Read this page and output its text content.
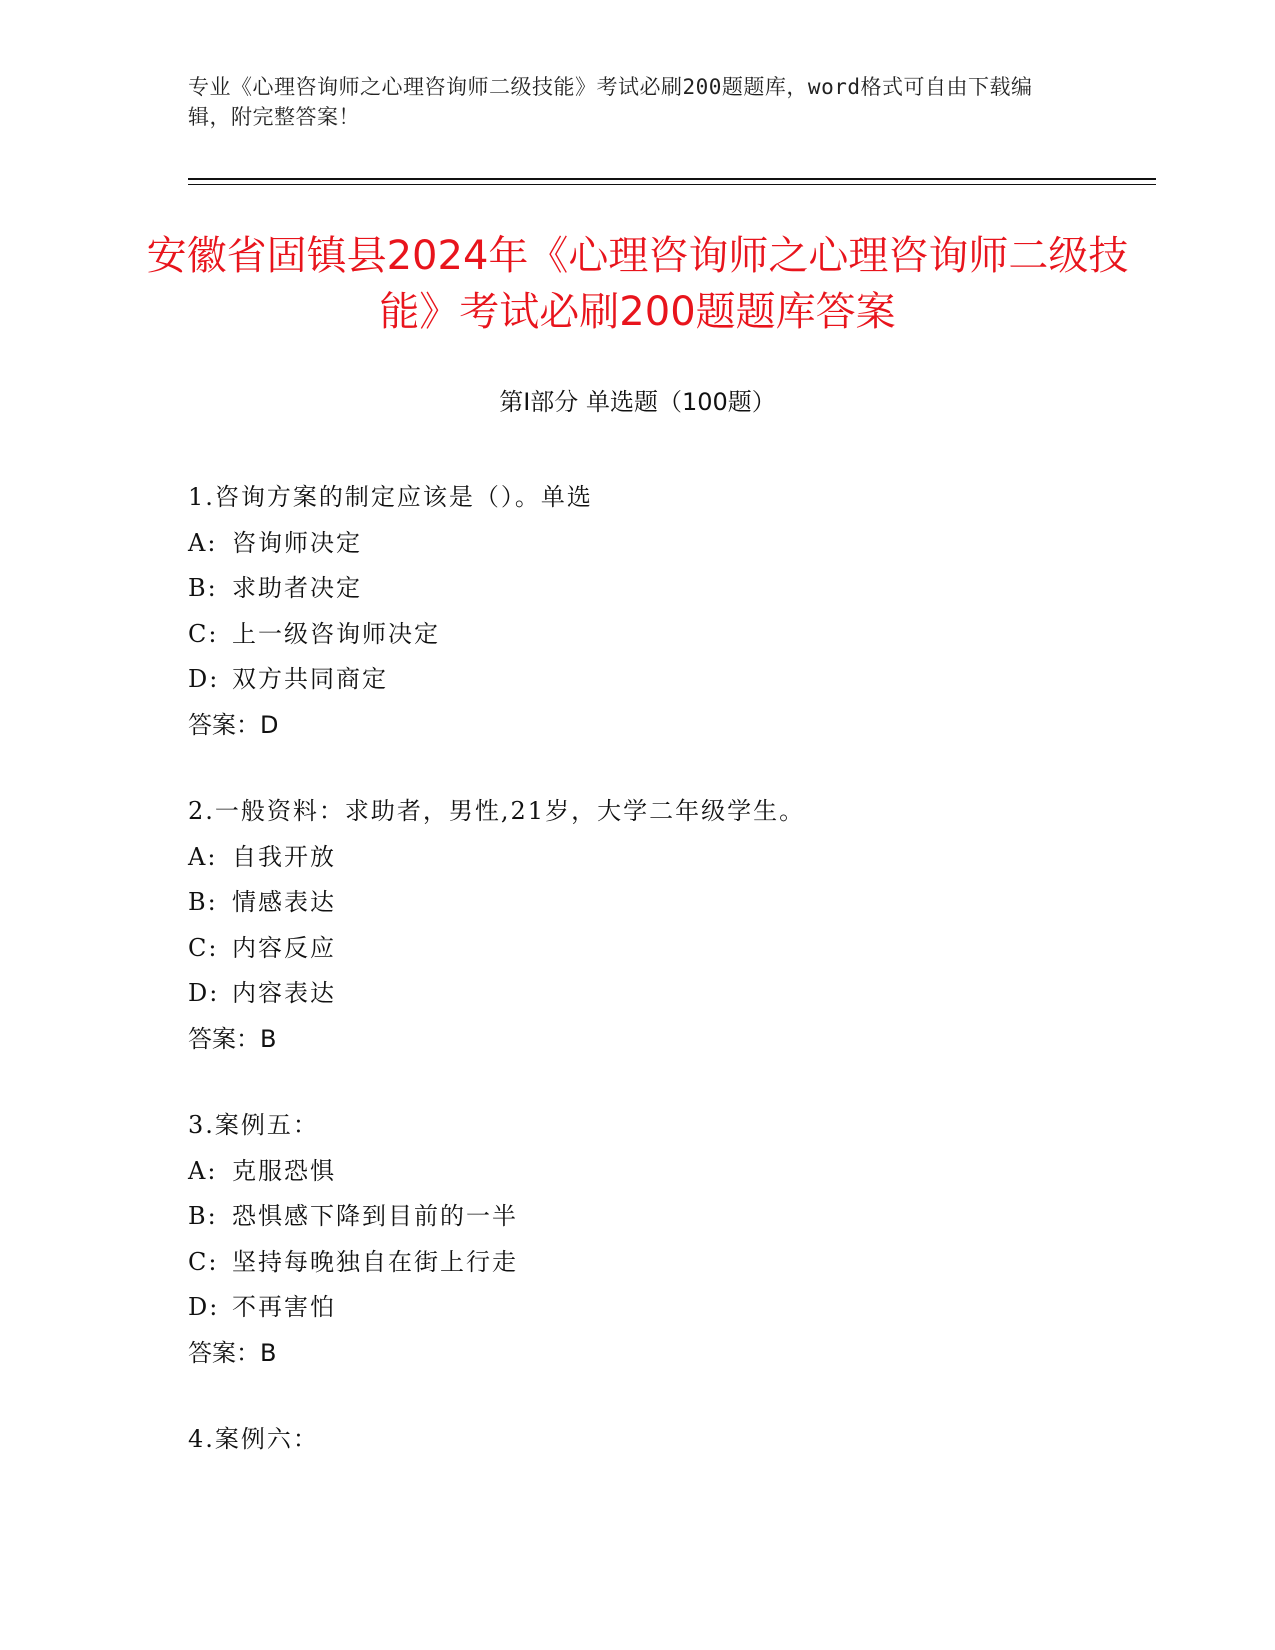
专业《心理咨询师之心理咨询师二级技能》考试必刷200题题库，word格式可自由下载编辑，附完整答案！
安徽省固镇县2024年《心理咨询师之心理咨询师二级技能》考试必刷200题题库答案
第Ⅰ部分 单选题（100题）
1.咨询方案的制定应该是（）。单选
A: 咨询师决定
B: 求助者决定
C: 上一级咨询师决定
D: 双方共同商定
答案：D
2.一般资料：求助者，男性,21岁，大学二年级学生。
A: 自我开放
B: 情感表达
C: 内容反应
D: 内容表达
答案：B
3.案例五：
A: 克服恐惧
B: 恐惧感下降到目前的一半
C: 坚持每晚独自在街上行走
D: 不再害怕
答案：B
4.案例六：
